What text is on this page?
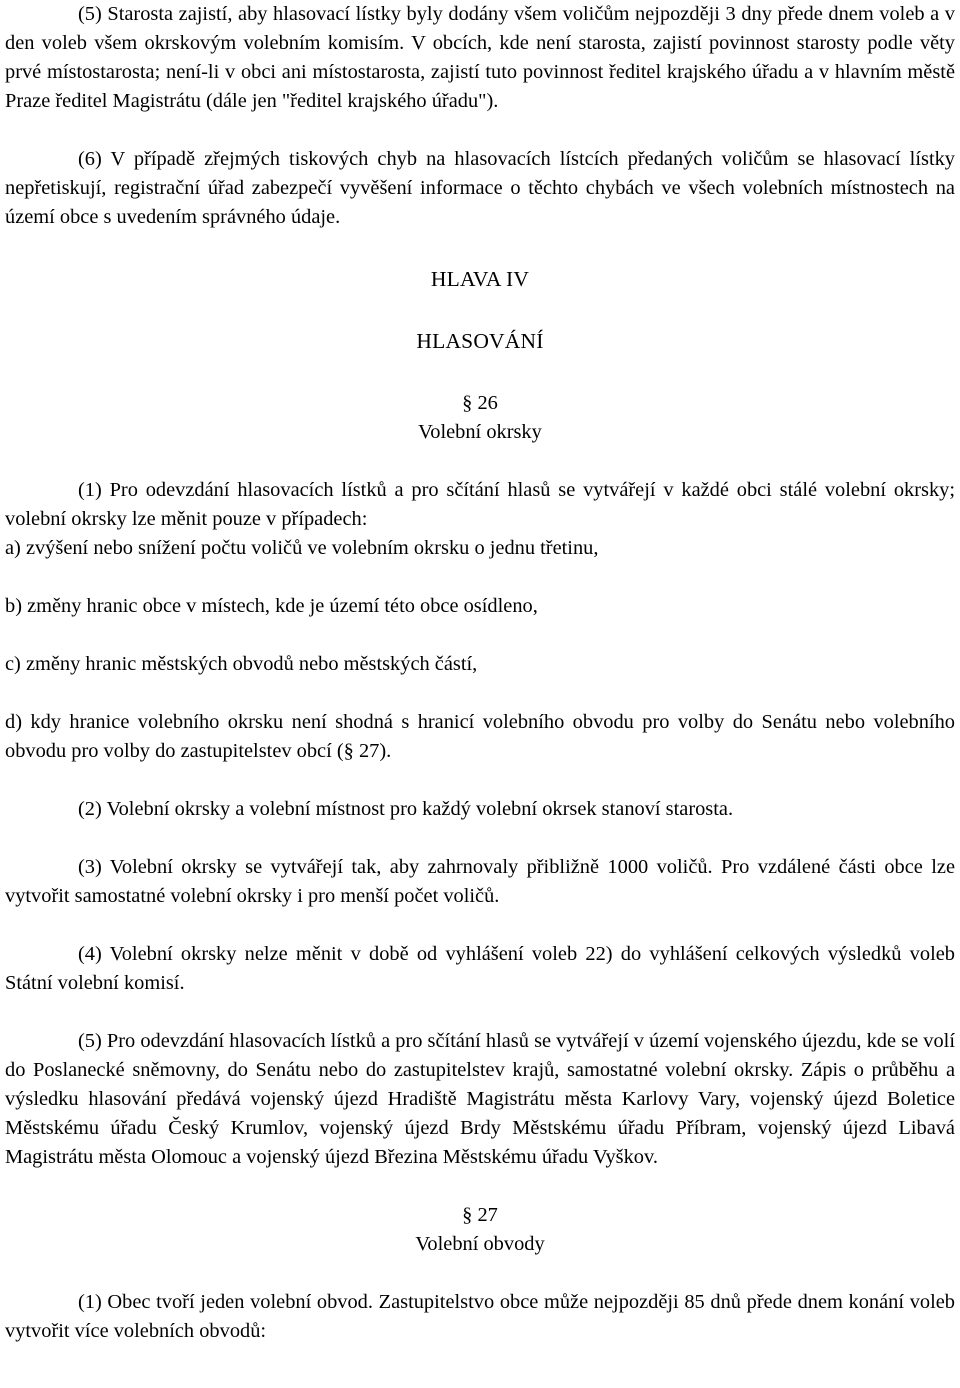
(5) Starosta zajistí, aby hlasovací lístky byly dodány všem voličům nejpozději 3 dny přede dnem voleb a v den voleb všem okrskovým volebním komisím. V obcích, kde není starosta, zajistí povinnost starosty podle věty prvé místostarosta; není-li v obci ani místostarosta, zajistí tuto povinnost ředitel krajského úřadu a v hlavním městě Praze ředitel Magistrátu (dále jen "ředitel krajského úřadu").

(6) V případě zřejmých tiskových chyb na hlasovacích lístcích předaných voličům se hlasovací lístky nepřetiskují, registrační úřad zabezpečí vyvěšení informace o těchto chybách ve všech volebních místnostech na území obce s uvedením správného údaje.

HLAVA IV

HLASOVÁNÍ

§ 26

Volební okrsky

(1) Pro odevzdání hlasovacích lístků a pro sčítání hlasů se vytvářejí v každé obci stálé volební okrsky; volební okrsky lze měnit pouze v případech:

a) zvýšení nebo snížení počtu voličů ve volebním okrsku o jednu třetinu,

b) změny hranic obce v místech, kde je území této obce osídleno,

c) změny hranic městských obvodů nebo městských částí,

d) kdy hranice volebního okrsku není shodná s hranicí volebního obvodu pro volby do Senátu nebo volebního obvodu pro volby do zastupitelstev obcí (§ 27).

(2) Volební okrsky a volební místnost pro každý volební okrsek stanoví starosta.

(3) Volební okrsky se vytvářejí tak, aby zahrnovaly přibližně 1000 voličů. Pro vzdálené části obce lze vytvořit samostatné volební okrsky i pro menší počet voličů.

(4) Volební okrsky nelze měnit v době od vyhlášení voleb 22) do vyhlášení celkových výsledků voleb Státní volební komisí.

(5) Pro odevzdání hlasovacích lístků a pro sčítání hlasů se vytvářejí v území vojenského újezdu, kde se volí do Poslanecké sněmovny, do Senátu nebo do zastupitelstev krajů, samostatné volební okrsky. Zápis o průběhu a výsledku hlasování předává vojenský újezd Hradiště Magistrátu města Karlovy Vary, vojenský újezd Boletice Městskému úřadu Český Krumlov, vojenský újezd Brdy Městskému úřadu Příbram, vojenský újezd Libavá Magistrátu města Olomouc a vojenský újezd Březina Městskému úřadu Vyškov.

§ 27

Volební obvody

(1) Obec tvoří jeden volební obvod. Zastupitelstvo obce může nejpozději 85 dnů přede dnem konání voleb vytvořit více volebních obvodů:
